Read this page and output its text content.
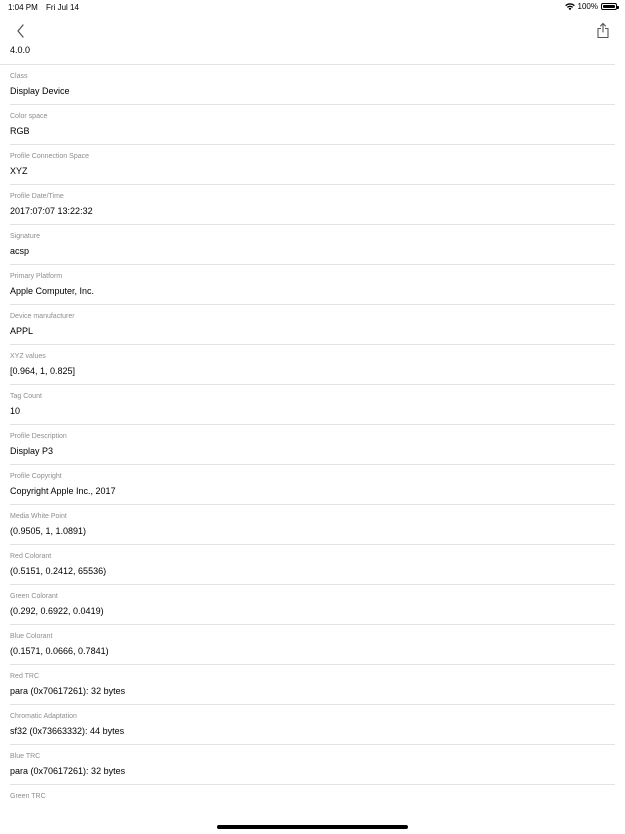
1:04 PM Fri Jul 14	100%
4.0.0
Class
Display Device
Color space
RGB
Profile Connection Space
XYZ
Profile Date/Time
2017:07:07 13:22:32
Signature
acsp
Primary Platform
Apple Computer, Inc.
Device manufacturer
APPL
XYZ values
[0.964, 1, 0.825]
Tag Count
10
Profile Description
Display P3
Profile Copyright
Copyright Apple Inc., 2017
Media White Point
(0.9505, 1, 1.0891)
Red Colorant
(0.5151, 0.2412, 65536)
Green Colorant
(0.292, 0.6922, 0.0419)
Blue Colorant
(0.1571, 0.0666, 0.7841)
Red TRC
para (0x70617261): 32 bytes
Chromatic Adaptation
sf32 (0x73663332): 44 bytes
Blue TRC
para (0x70617261): 32 bytes
Green TRC
